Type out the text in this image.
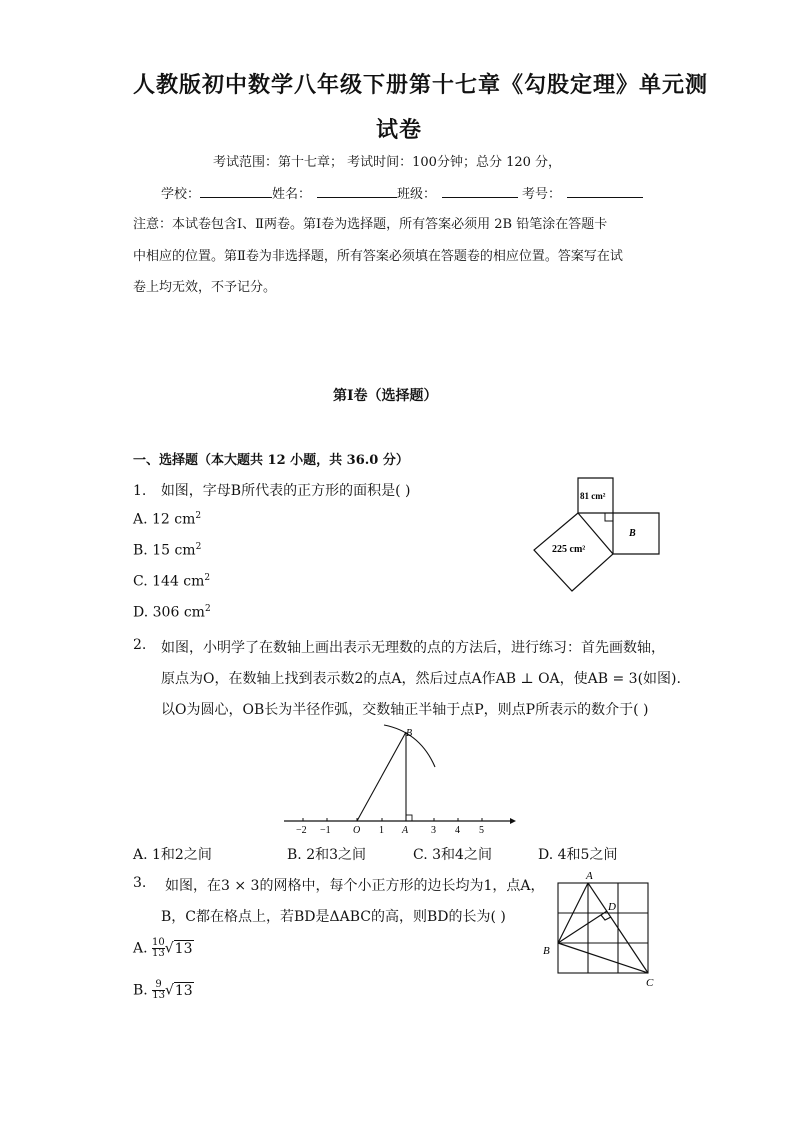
人教版初中数学八年级下册第十七章《勾股定理》单元测
试卷
考试范围：第十七章； 考试时间：100分钟；总分 120 分，
学校：	姓名：	班级：	考号：
注意：本试卷包含Ⅰ、Ⅱ两卷。第Ⅰ卷为选择题，所有答案必须用 2B 铅笔涂在答题卡
中相应的位置。第Ⅱ卷为非选择题，所有答案必须填在答题卷的相应位置。答案写在试
卷上均无效，不予记分。
第Ⅰ卷（选择题）
一、选择题（本大题共 12 小题，共 36.0 分）
1. 如图，字母B所代表的正方形的面积是( )
A. 12 $cm^2$
B. 15 $cm^2$
C. 144 $cm^2$
D. 306 $cm^2$
81 cm²
B
225 cm²
2. 如图，小明学了在数轴上画出表示无理数的点的方法后，进行练习：首先画数轴，
原点为O，在数轴上找到表示数2的点A，然后过点A作AB ⊥ OA，使AB = 3(如图).
以O为圆心，OB长为半径作弧，交数轴正半轴于点P，则点P所表示的数介于( )
−2 −1 O 1 A 3 4 5
B
A. 1和2之间	B. 2和3之间	C. 3和4之间	D. 4和5之间
3. 如图，在3 × 3的网格中，每个小正方形的边长均为1，点A，
B，C都在格点上，若BD是ΔABC的高，则BD的长为( )
A. $\frac{10}{13} √13$
B. $\frac{9}{13} √13$
A
D
B
C
